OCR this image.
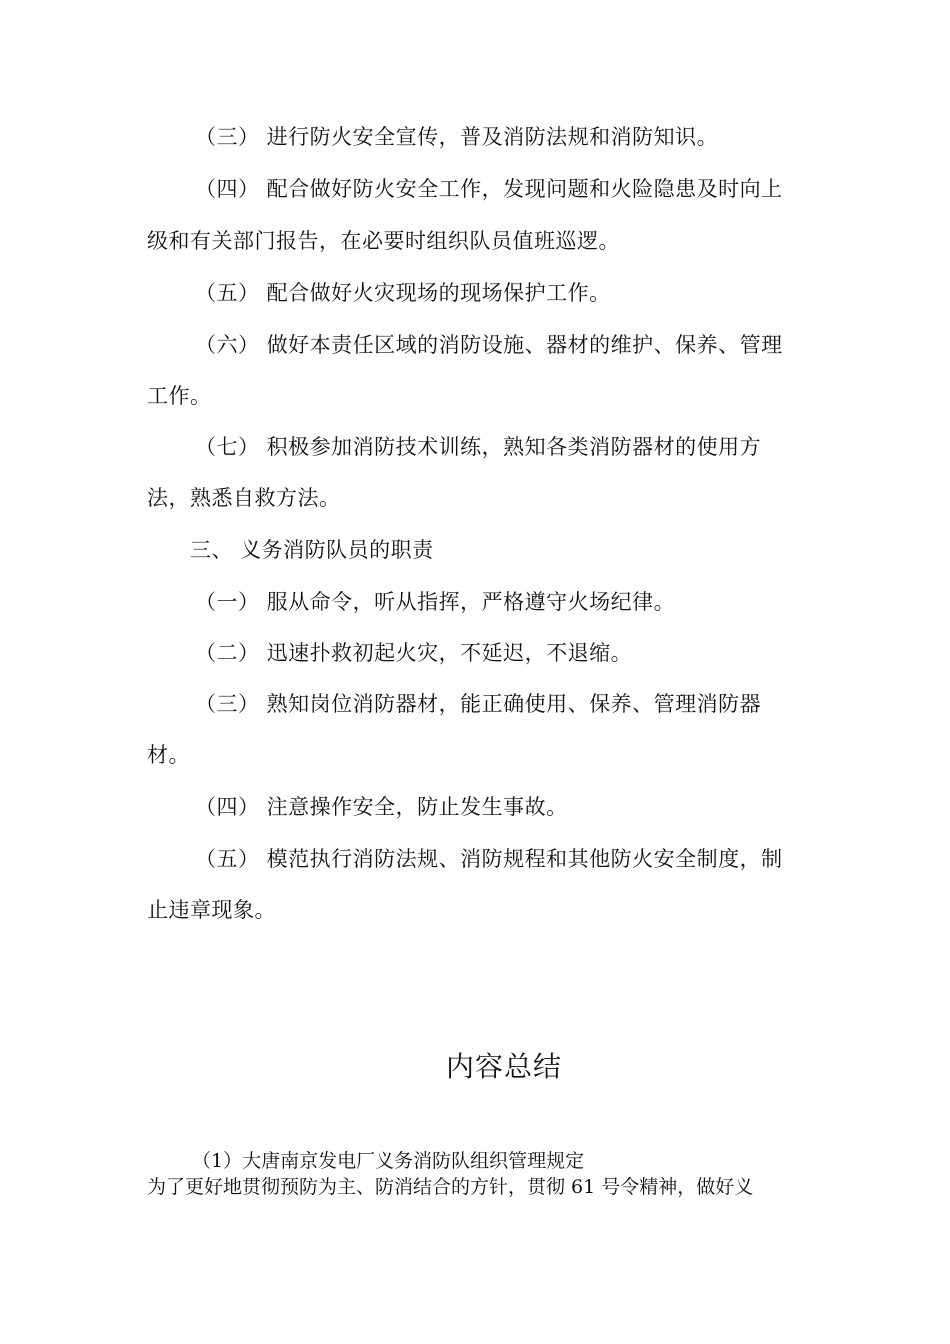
（三） 进行防火安全宣传，普及消防法规和消防知识。
（四） 配合做好防火安全工作，发现问题和火险隐患及时向上
级和有关部门报告，在必要时组织队员值班巡逻。
（五） 配合做好火灾现场的现场保护工作。
（六） 做好本责任区域的消防设施、器材的维护、保养、管理
工作。
（七） 积极参加消防技术训练，熟知各类消防器材的使用方
法，熟悉自救方法。
三、 义务消防队员的职责
（一） 服从命令，听从指挥，严格遵守火场纪律。
（二） 迅速扑救初起火灾，不延迟，不退缩。
（三） 熟知岗位消防器材，能正确使用、保养、管理消防器
材。
（四） 注意操作安全，防止发生事故。
（五） 模范执行消防法规、消防规程和其他防火安全制度，制
止违章现象。
内容总结
（1）大唐南京发电厂义务消防队组织管理规定
为了更好地贯彻预防为主、防消结合的方针，贯彻 61 号令精神，做好义
